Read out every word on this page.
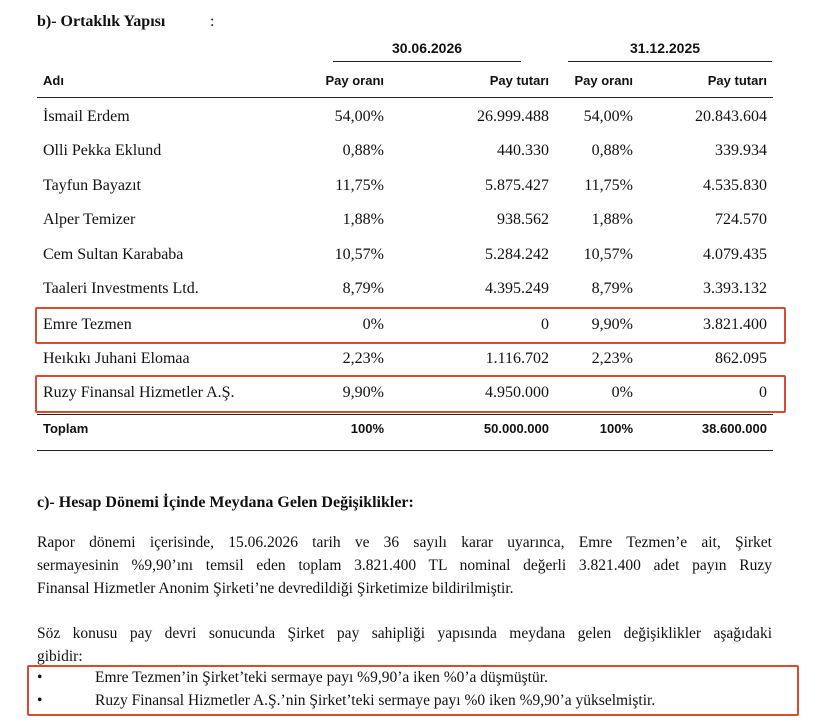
b)- Ortaklık Yapısı	:
30.06.2026	31.12.2025
Adı	Pay oranı	Pay tutarı Pay oranı	Pay tutarı
İsmail Erdem	54,00%	26.999.488 54,00%	20.843.604
Olli Pekka Eklund	0,88%	440.330	0,88%	339.934
Tayfun Bayazıt	11,75%	5.875.427 11,75%	4.535.830
Alper Temizer	1,88%	938.562	1,88%	724.570
Cem Sultan Karababa	10,57%	5.284.242 10,57%	4.079.435
Taaleri Investments Ltd.	8,79%	4.395.249	8,79%	3.393.132
Emre Tezmen	0%	0	9,90%	3.821.400
Heıkıkı Juhani Elomaa	2,23%	1.116.702	2,23%	862.095
Ruzy Finansal Hizmetler A.Ş.	9,90%	4.950.000	0%	0
Toplam	100%	50.000.000	100%	38.600.000
c)- Hesap Dönemi İçinde Meydana Gelen Değişiklikler:
Rapor dönemi içerisinde, 15.06.2026 tarih ve 36 sayılı karar uyarınca, Emre Tezmen’e ait, Şirket
sermayesinin %9,90’ını temsil eden toplam 3.821.400 TL nominal değerli 3.821.400 adet payın Ruzy
Finansal Hizmetler Anonim Şirketi’ne devredildiği Şirketimize bildirilmiştir.
Söz konusu pay devri sonucunda Şirket pay sahipliği yapısında meydana gelen değişiklikler aşağıdaki
gibidir:
•	Emre Tezmen’in Şirket’teki sermaye payı %9,90’a iken %0’a düşmüştür.
•	Ruzy Finansal Hizmetler A.Ş.’nin Şirket’teki sermaye payı %0 iken %9,90’a yükselmiştir.
